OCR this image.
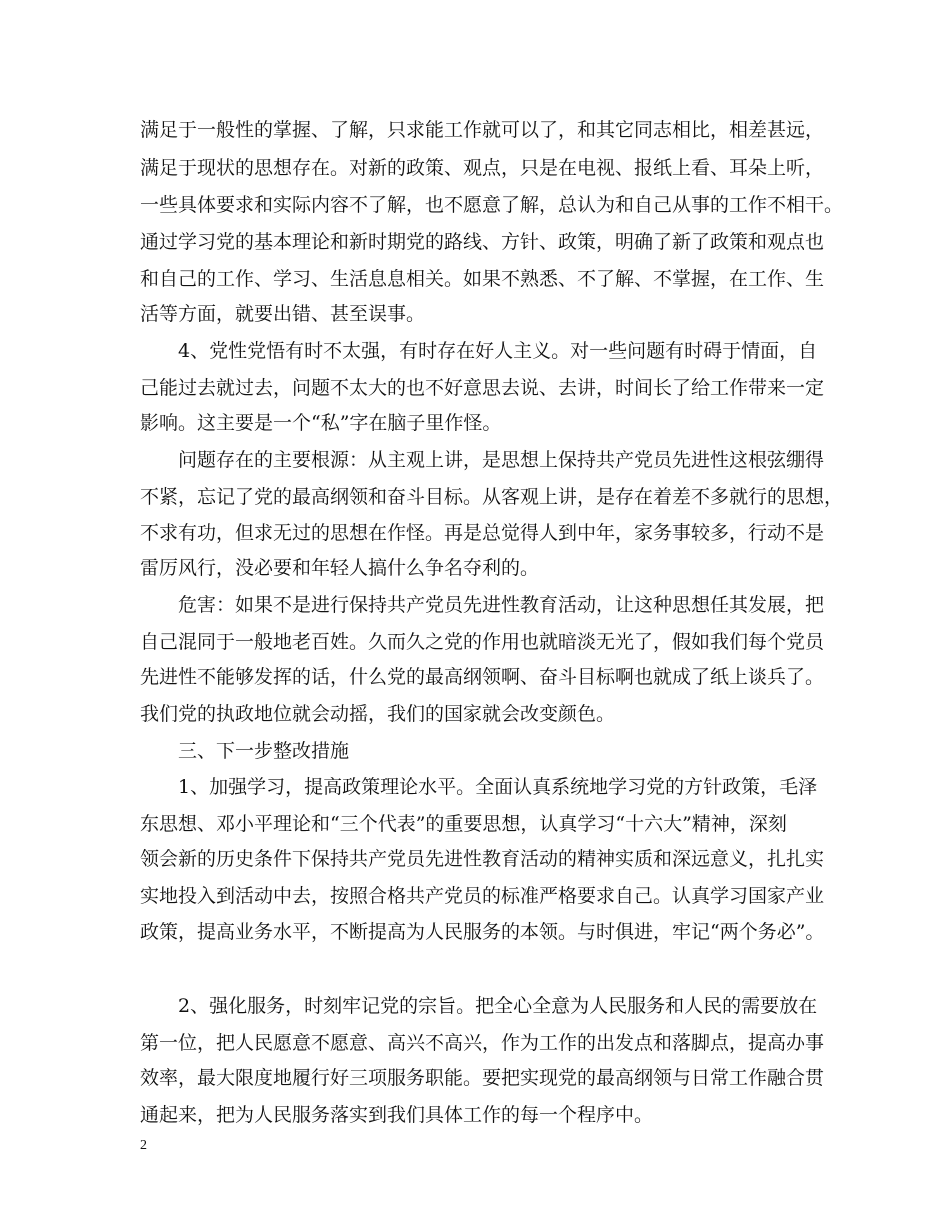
满足于一般性的掌握、了解，只求能工作就可以了，和其它同志相比，相差甚远，
满足于现状的思想存在。对新的政策、观点，只是在电视、报纸上看、耳朵上听，
一些具体要求和实际内容不了解，也不愿意了解，总认为和自己从事的工作不相干。
通过学习党的基本理论和新时期党的路线、方针、政策，明确了新了政策和观点也
和自己的工作、学习、生活息息相关。如果不熟悉、不了解、不掌握，在工作、生
活等方面，就要出错、甚至误事。
4、党性党悟有时不太强，有时存在好人主义。对一些问题有时碍于情面，自
己能过去就过去，问题不太大的也不好意思去说、去讲，时间长了给工作带来一定
影响。这主要是一个“私”字在脑子里作怪。
问题存在的主要根源：从主观上讲，是思想上保持共产党员先进性这根弦绷得
不紧，忘记了党的最高纲领和奋斗目标。从客观上讲，是存在着差不多就行的思想，
不求有功，但求无过的思想在作怪。再是总觉得人到中年，家务事较多，行动不是
雷厉风行，没必要和年轻人搞什么争名夺利的。
危害：如果不是进行保持共产党员先进性教育活动，让这种思想任其发展，把
自己混同于一般地老百姓。久而久之党的作用也就暗淡无光了，假如我们每个党员
先进性不能够发挥的话，什么党的最高纲领啊、奋斗目标啊也就成了纸上谈兵了。
我们党的执政地位就会动摇，我们的国家就会改变颜色。
三、下一步整改措施
1、加强学习，提高政策理论水平。全面认真系统地学习党的方针政策，毛泽
东思想、邓小平理论和“三个代表”的重要思想，认真学习“十六大”精神，深刻
领会新的历史条件下保持共产党员先进性教育活动的精神实质和深远意义，扎扎实
实地投入到活动中去，按照合格共产党员的标准严格要求自己。认真学习国家产业
政策，提高业务水平，不断提高为人民服务的本领。与时俱进，牢记“两个务必”。
2、强化服务，时刻牢记党的宗旨。把全心全意为人民服务和人民的需要放在
第一位，把人民愿意不愿意、高兴不高兴，作为工作的出发点和落脚点，提高办事
效率，最大限度地履行好三项服务职能。要把实现党的最高纲领与日常工作融合贯
通起来，把为人民服务落实到我们具体工作的每一个程序中。
2
